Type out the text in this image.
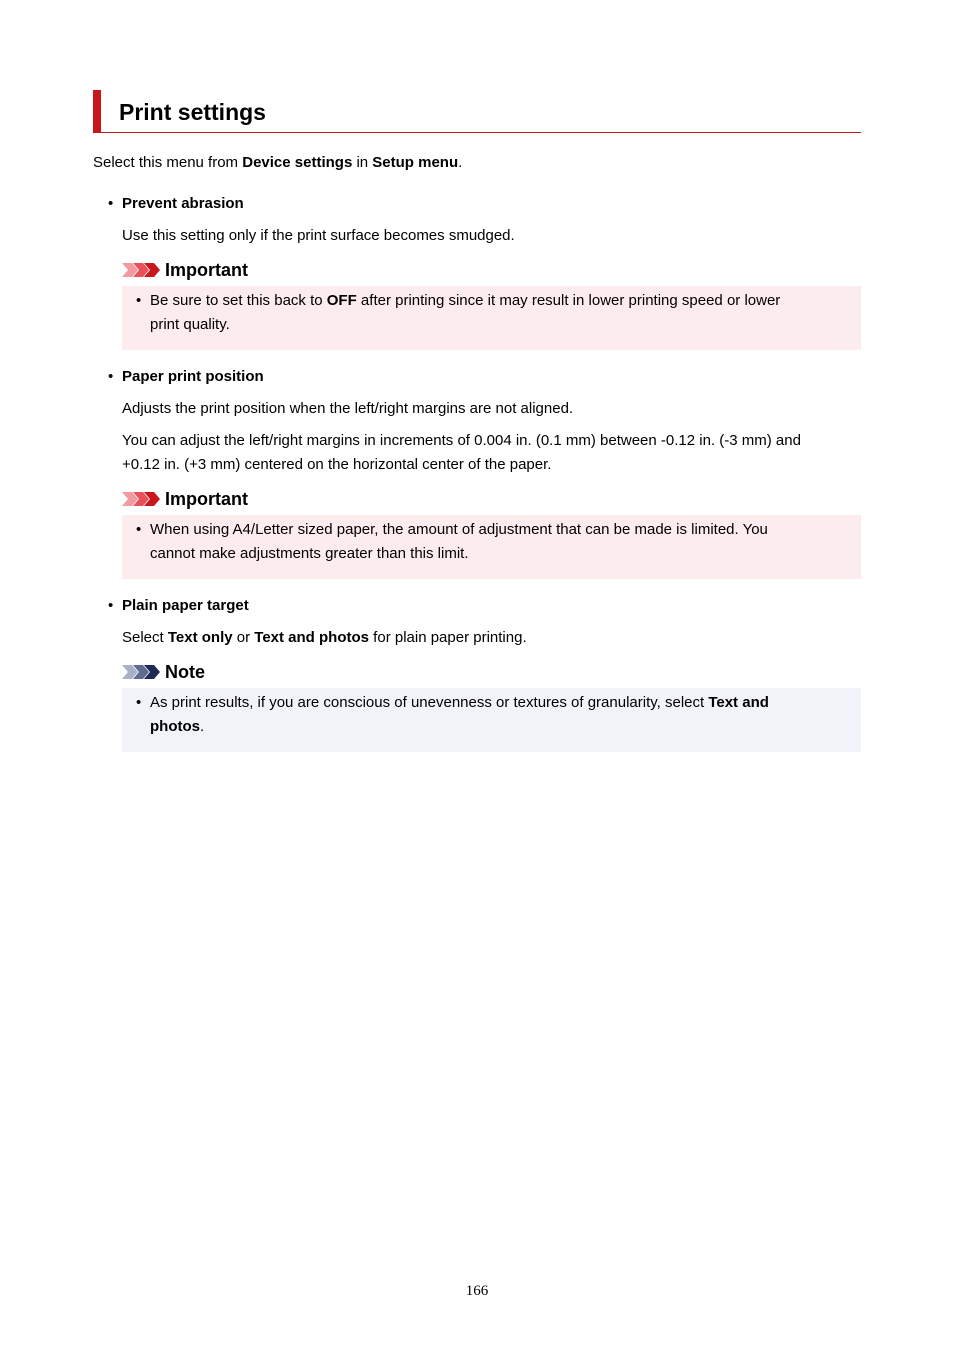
Print settings
Select this menu from Device settings in Setup menu.
• Prevent abrasion
Use this setting only if the print surface becomes smudged.
Important
• Be sure to set this back to OFF after printing since it may result in lower printing speed or lower
print quality.
• Paper print position
Adjusts the print position when the left/right margins are not aligned.
You can adjust the left/right margins in increments of 0.004 in. (0.1 mm) between -0.12 in. (-3 mm) and
+0.12 in. (+3 mm) centered on the horizontal center of the paper.
Important
• When using A4/Letter sized paper, the amount of adjustment that can be made is limited. You
cannot make adjustments greater than this limit.
• Plain paper target
Select Text only or Text and photos for plain paper printing.
Note
• As print results, if you are conscious of unevenness or textures of granularity, select Text and
photos.
166
